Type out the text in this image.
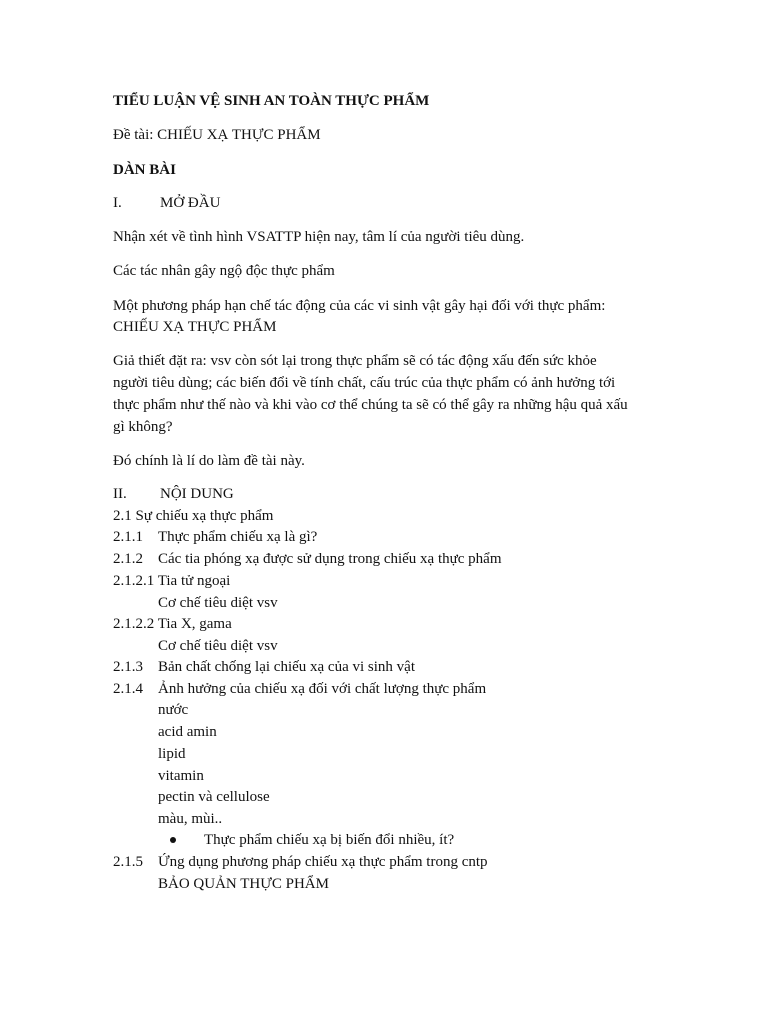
TIỂU LUẬN VỆ SINH AN TOÀN THỰC PHẨM
Đề tài: CHIẾU XẠ THỰC PHẨM
DÀN BÀI
I.	MỞ ĐẦU
Nhận xét về tình hình VSATTP hiện nay, tâm lí của người tiêu dùng.
Các tác nhân gây ngộ độc thực phẩm
Một phương pháp hạn chế tác động của các vi sinh vật gây hại đối với thực phẩm:
CHIẾU XẠ THỰC PHẨM
Giả thiết đặt ra: vsv còn sót lại trong thực phẩm sẽ có tác động xấu đến sức khỏe
người tiêu dùng; các biến đổi về tính chất, cấu trúc của thực phẩm có ảnh hưởng tới
thực phẩm như thế nào và khi vào cơ thể chúng ta sẽ có thể gây ra những hậu quả xấu
gì không?
Đó chính là lí do làm đề tài này.
II. NỘI DUNG
2.1 Sự chiếu xạ thực phẩm
2.1.1 Thực phẩm chiếu xạ là gì?
2.1.2 Các tia phóng xạ được sử dụng trong chiếu xạ thực phẩm
2.1.2.1 Tia tử ngoại
Cơ chế tiêu diệt vsv
2.1.2.2 Tia X, gama
Cơ chế tiêu diệt vsv
2.1.3 Bản chất chống lại chiếu xạ của vi sinh vật
2.1.4 Ảnh hưởng của chiếu xạ đối với chất lượng thực phẩm
nước
acid amin
lipid
vitamin
pectin và cellulose
màu, mùi..
Thực phẩm chiếu xạ bị biến đổi nhiều, ít?
2.1.5 Ứng dụng phương pháp chiếu xạ thực phẩm trong cntp
BẢO QUẢN THỰC PHẨM
